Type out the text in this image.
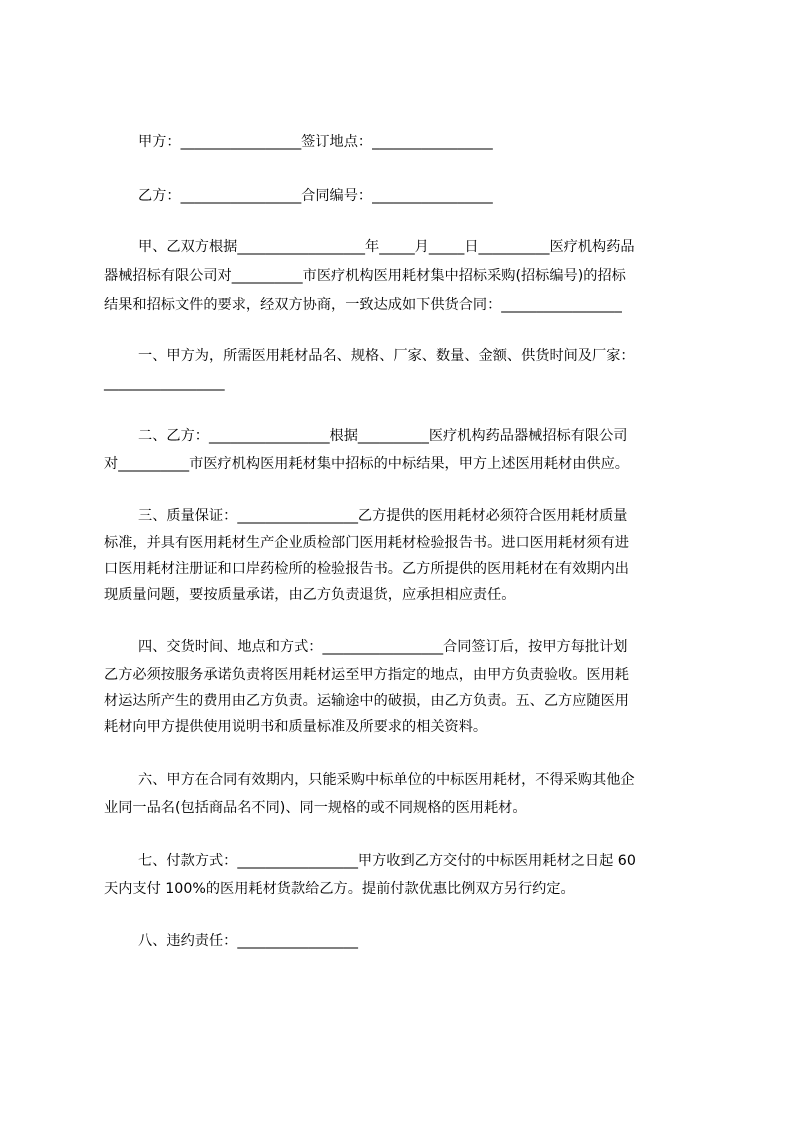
甲方：_________________签订地点：_________________
乙方：_________________合同编号：_________________
甲、乙双方根据__________________年_____月_____日__________医疗机构药品
器械招标有限公司对__________市医疗机构医用耗材集中招标采购(招标编号)的招标
结果和招标文件的要求，经双方协商，一致达成如下供货合同：_________________
一、甲方为，所需医用耗材品名、规格、厂家、数量、金额、供货时间及厂家：
_________________
二、乙方：_________________根据__________医疗机构药品器械招标有限公司
对__________市医疗机构医用耗材集中招标的中标结果，甲方上述医用耗材由供应。
三、质量保证：_________________乙方提供的医用耗材必须符合医用耗材质量
标准，并具有医用耗材生产企业质检部门医用耗材检验报告书。进口医用耗材须有进
口医用耗材注册证和口岸药检所的检验报告书。乙方所提供的医用耗材在有效期内出
现质量问题，要按质量承诺，由乙方负责退货，应承担相应责任。
四、交货时间、地点和方式：_________________合同签订后，按甲方每批计划
乙方必须按服务承诺负责将医用耗材运至甲方指定的地点，由甲方负责验收。医用耗
材运达所产生的费用由乙方负责。运输途中的破损，由乙方负责。五、乙方应随医用
耗材向甲方提供使用说明书和质量标准及所要求的相关资料。
六、甲方在合同有效期内，只能采购中标单位的中标医用耗材，不得采购其他企
业同一品名(包括商品名不同)、同一规格的或不同规格的医用耗材。
七、付款方式：_________________甲方收到乙方交付的中标医用耗材之日起 60
天内支付 100%的医用耗材货款给乙方。提前付款优惠比例双方另行约定。
八、违约责任：_________________
